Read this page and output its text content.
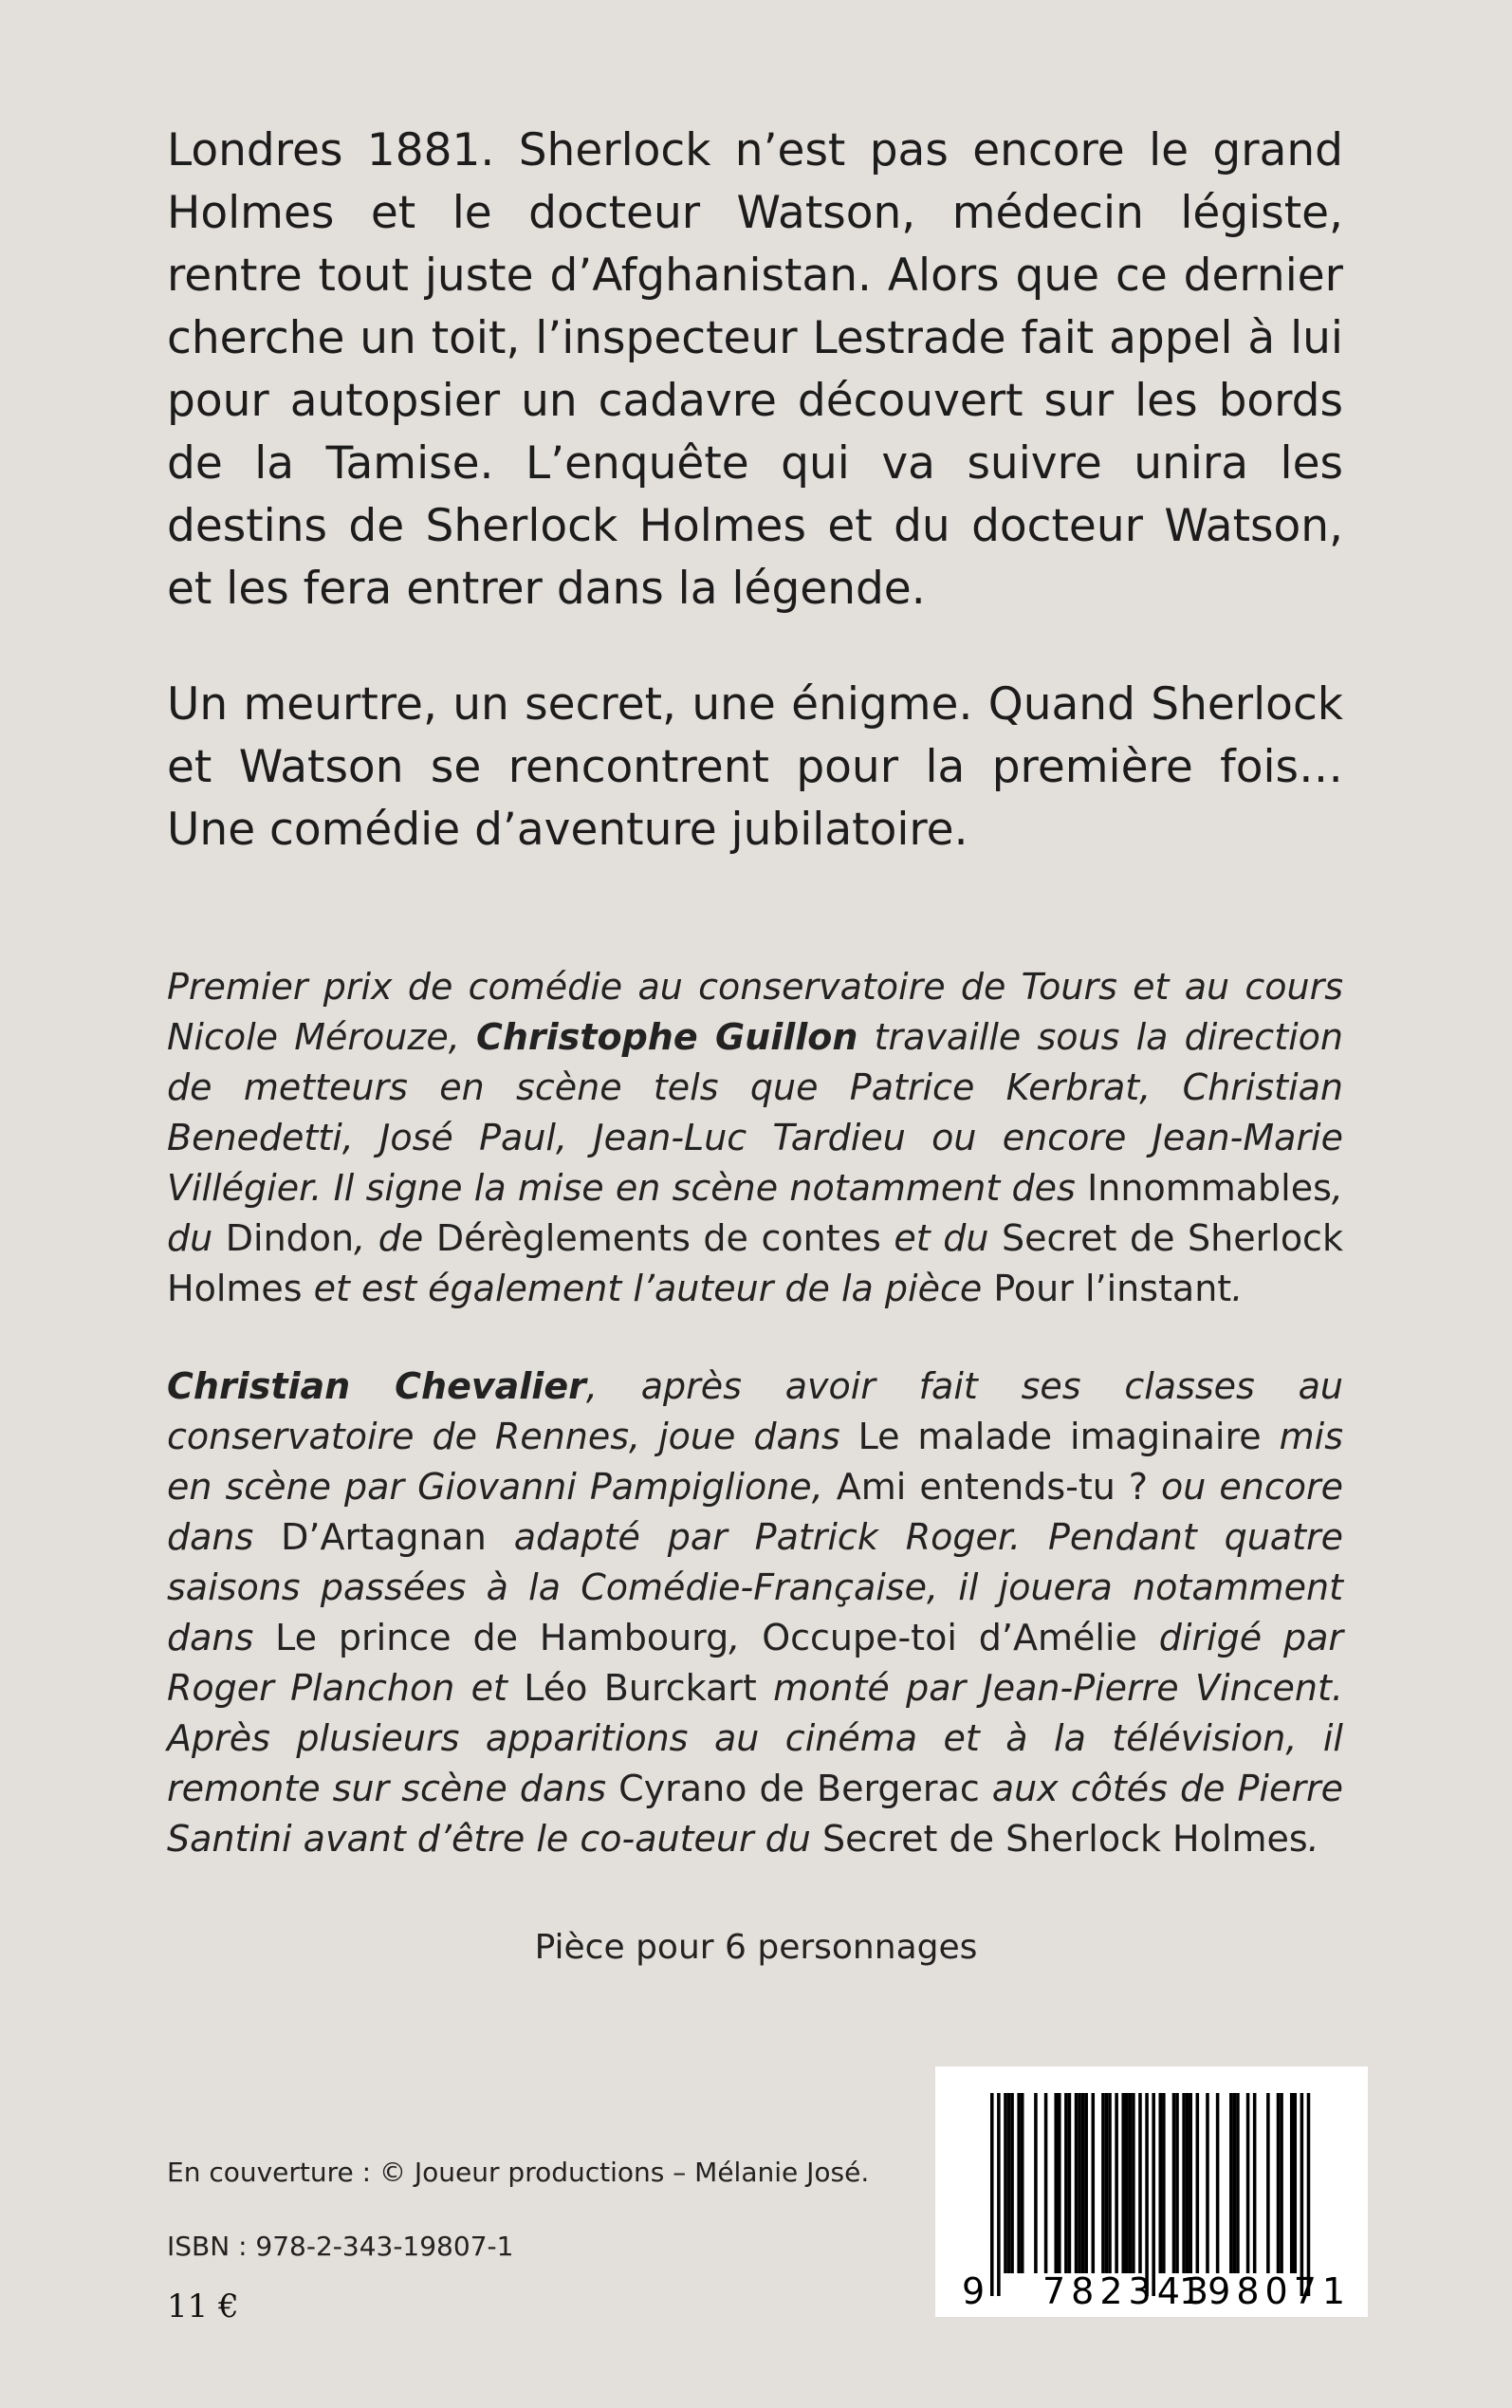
Londres 1881. Sherlock n’est pas encore le grand Holmes et le docteur Watson, médecin légiste, rentre tout juste d’Afghanistan. Alors que ce dernier cherche un toit, l’inspecteur Lestrade fait appel à lui pour autopsier un cadavre découvert sur les bords de la Tamise. L’enquête qui va suivre unira les destins de Sherlock Holmes et du docteur Watson, et les fera entrer dans la légende.

Un meurtre, un secret, une énigme. Quand Sherlock et Watson se rencontrent pour la première fois… Une comédie d’aventure jubilatoire.

Premier prix de comédie au conservatoire de Tours et au cours Nicole Mérouze, Christophe Guillon travaille sous la direction de metteurs en scène tels que Patrice Kerbrat, Christian Benedetti, José Paul, Jean-Luc Tardieu ou encore Jean-Marie Villégier. Il signe la mise en scène notamment des Innommables, du Dindon, de Dérèglements de contes et du Secret de Sherlock Holmes et est également l’auteur de la pièce Pour l’instant.

Christian Chevalier, après avoir fait ses classes au conservatoire de Rennes, joue dans Le malade imaginaire mis en scène par Giovanni Pampiglione, Ami entends-tu ? ou encore dans D’Artagnan adapté par Patrick Roger. Pendant quatre saisons passées à la Comédie-Française, il jouera notamment dans Le prince de Hambourg, Occupe-toi d’Amélie dirigé par Roger Planchon et Léo Burckart monté par Jean-Pierre Vincent. Après plusieurs apparitions au cinéma et à la télévision, il remonte sur scène dans Cyrano de Bergerac aux côtés de Pierre Santini avant d’être le co-auteur du Secret de Sherlock Holmes.

Pièce pour 6 personnages
En couverture : © Joueur productions – Mélanie José.
ISBN : 978-2-343-19807-1
11 €	9 782343
198071
